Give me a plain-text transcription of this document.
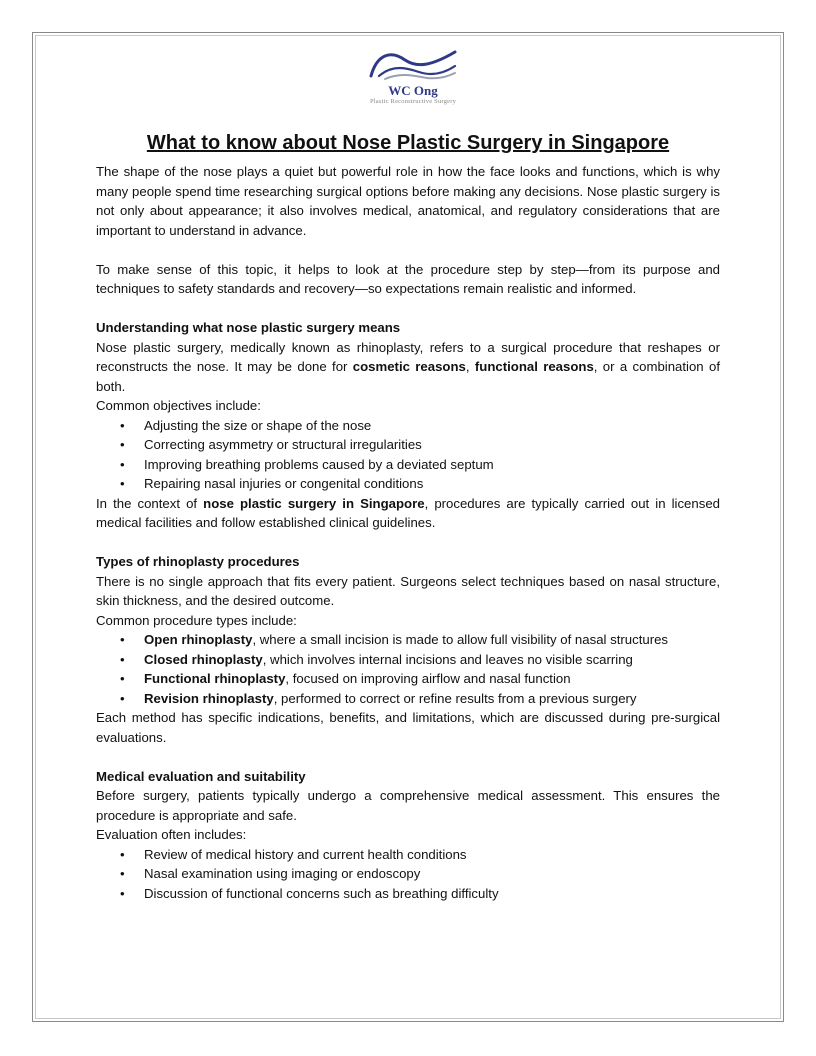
WC Ong
Plastic Reconstructive Surgery
What to know about Nose Plastic Surgery in Singapore

The shape of the nose plays a quiet but powerful role in how the face looks and functions, which is why many people spend time researching surgical options before making any decisions. Nose plastic surgery is not only about appearance; it also involves medical, anatomical, and regulatory considerations that are important to understand in advance.

To make sense of this topic, it helps to look at the procedure step by step—from its purpose and techniques to safety standards and recovery—so expectations remain realistic and informed.

Understanding what nose plastic surgery means

Nose plastic surgery, medically known as rhinoplasty, refers to a surgical procedure that reshapes or reconstructs the nose. It may be done for cosmetic reasons, functional reasons, or a combination of both.

Common objectives include:

• Adjusting the size or shape of the nose
• Correcting asymmetry or structural irregularities
• Improving breathing problems caused by a deviated septum
• Repairing nasal injuries or congenital conditions

In the context of nose plastic surgery in Singapore, procedures are typically carried out in licensed medical facilities and follow established clinical guidelines.

Types of rhinoplasty procedures

There is no single approach that fits every patient. Surgeons select techniques based on nasal structure, skin thickness, and the desired outcome.

Common procedure types include:

• Open rhinoplasty, where a small incision is made to allow full visibility of nasal structures
• Closed rhinoplasty, which involves internal incisions and leaves no visible scarring
• Functional rhinoplasty, focused on improving airflow and nasal function
• Revision rhinoplasty, performed to correct or refine results from a previous surgery

Each method has specific indications, benefits, and limitations, which are discussed during pre-surgical evaluations.

Medical evaluation and suitability

Before surgery, patients typically undergo a comprehensive medical assessment. This ensures the procedure is appropriate and safe.

Evaluation often includes:

• Review of medical history and current health conditions
• Nasal examination using imaging or endoscopy
• Discussion of functional concerns such as breathing difficulty
